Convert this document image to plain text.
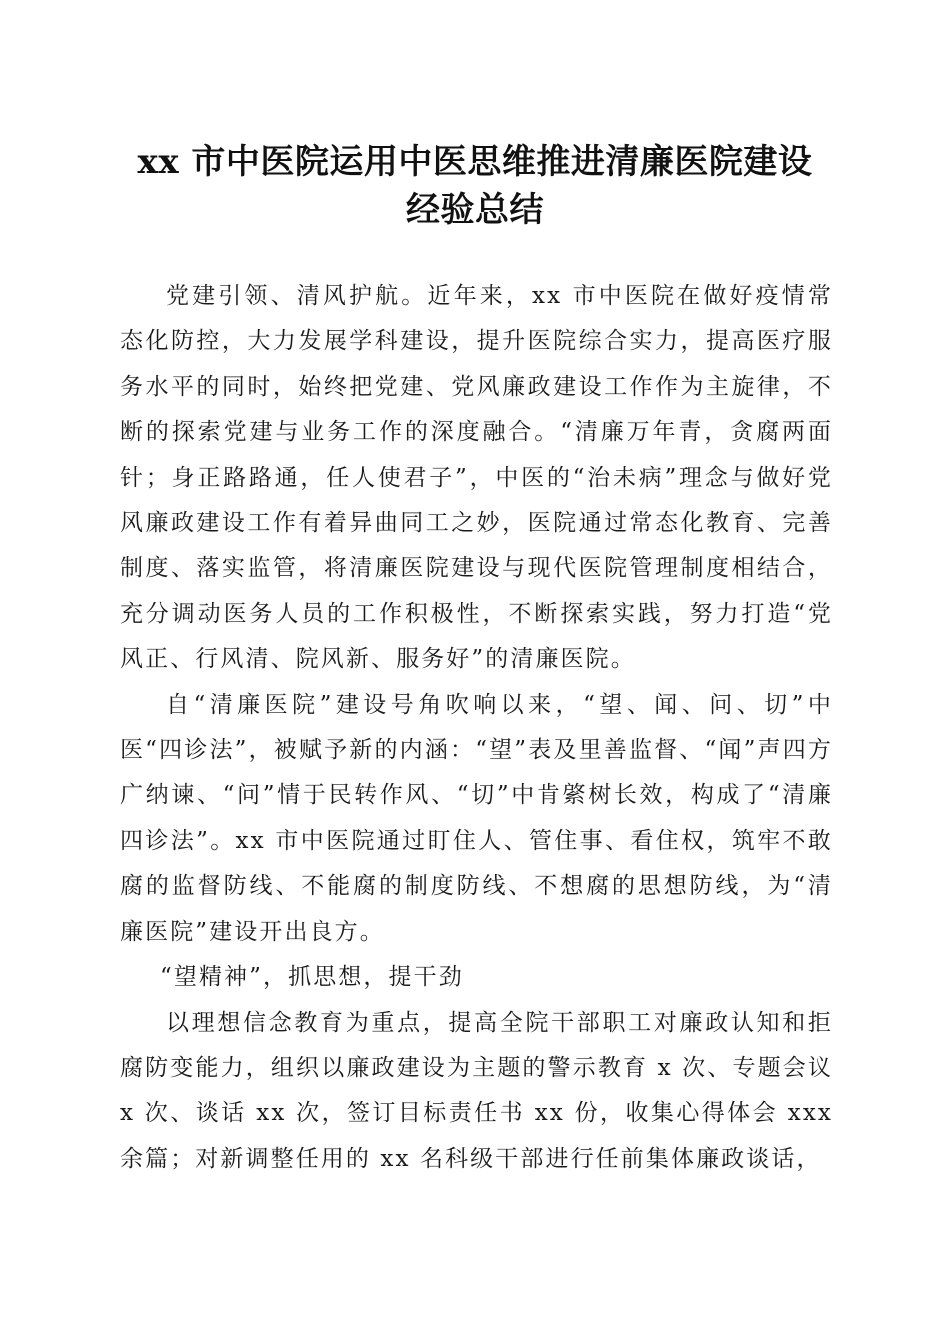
xx 市中医院运用中医思维推进清廉医院建设
经验总结

党建引领、清风护航。近年来，xx 市中医院在做好疫情常态化防控，大力发展学科建设，提升医院综合实力，提高医疗服务水平的同时，始终把党建、党风廉政建设工作作为主旋律，不断的探索党建与业务工作的深度融合。“清廉万年青，贪腐两面针；身正路路通，任人使君子”，中医的“治未病”理念与做好党风廉政建设工作有着异曲同工之妙，医院通过常态化教育、完善制度、落实监管，将清廉医院建设与现代医院管理制度相结合，充分调动医务人员的工作积极性，不断探索实践，努力打造“党风正、行风清、院风新、服务好”的清廉医院。

自“清廉医院”建设号角吹响以来，“望、闻、问、切”中医“四诊法”，被赋予新的内涵：“望”表及里善监督、“闻”声四方广纳谏、“问”情于民转作风、“切”中肯綮树长效，构成了“清廉四诊法”。xx 市中医院通过盯住人、管住事、看住权，筑牢不敢腐的监督防线、不能腐的制度防线、不想腐的思想防线，为“清廉医院”建设开出良方。

“望精神”，抓思想，提干劲

以理想信念教育为重点，提高全院干部职工对廉政认知和拒腐防变能力，组织以廉政建设为主题的警示教育 x 次、专题会议 x 次、谈话 xx 次，签订目标责任书 xx 份，收集心得体会 xxx 余篇；对新调整任用的 xx 名科级干部进行任前集体廉政谈话，
